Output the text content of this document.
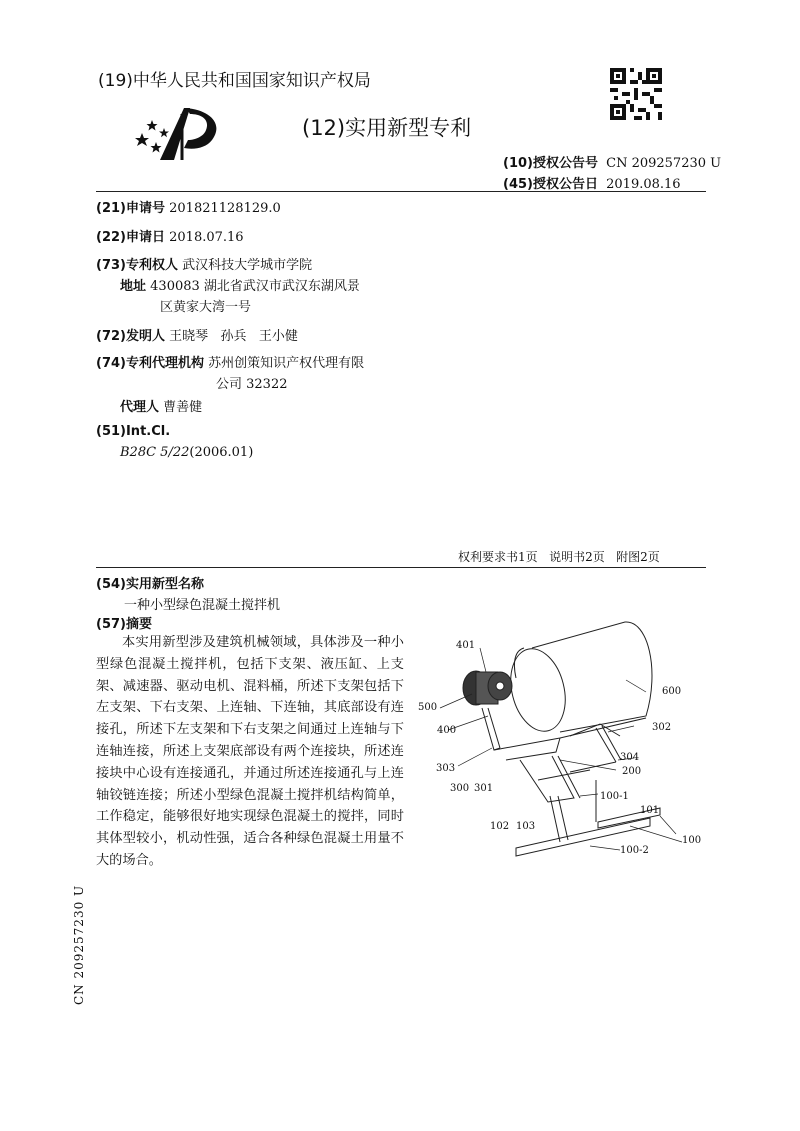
(19)中华人民共和国国家知识产权局
(12)实用新型专利
(10)授权公告号 CN 209257230 U
(45)授权公告日 2019.08.16
(21)申请号 201821128129.0
(22)申请日 2018.07.16
(73)专利权人 武汉科技大学城市学院
地址 430083 湖北省武汉市武汉东湖风景
区黄家大湾一号
(72)发明人 王晓琴   孙兵   王小健
(74)专利代理机构 苏州创策知识产权代理有限
公司 32322
代理人 曹善健
(51)Int.Cl.
B28C 5/22(2006.01)
权利要求书1页   说明书2页   附图2页
(54)实用新型名称
一种小型绿色混凝土搅拌机
(57)摘要
本实用新型涉及建筑机械领域，具体涉及一种小型绿色混凝土搅拌机，包括下支架、液压缸、上支架、减速器、驱动电机、混料桶，所述下支架包括下左支架、下右支架、上连轴、下连轴，其底部设有连接孔，所述下左支架和下右支架之间通过上连轴与下连轴连接，所述上支架底部设有两个连接块，所述连接块中心设有连接通孔，并通过所述连接通孔与上连轴铰链连接；所述小型绿色混凝土搅拌机结构简单，工作稳定，能够很好地实现绿色混凝土的搅拌，同时其体型较小，机动性强，适合各种绿色混凝土用量不大的场合。
401
500
400
303
300 301
600
302
304
200
100-1
101
102 103
100
100-2
CN 209257230 U
